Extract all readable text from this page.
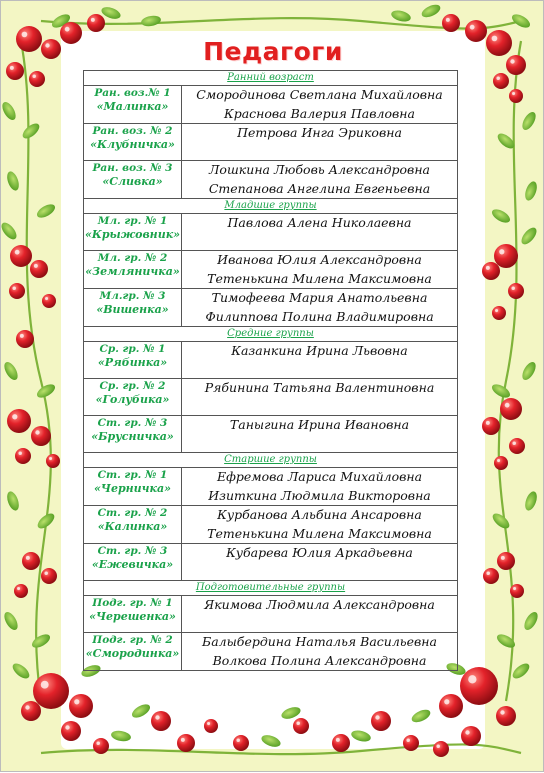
Педагоги
Ранний возраст	

Ран. воз.№ 1
«Малинка»	Смородинова Светлана Михайловна
Краснова Валерия Павловна

Ран. воз. № 2
«Клубничка»	Петрова Инга Эриковна

Ран. воз. № 3
«Сливка»	Лошкина Любовь Александровна
Степанова Ангелина Евгеньевна

Младшие группы	

Мл. гр. № 1
«Крыжовник»	Павлова Алена Николаевна

Мл. гр. № 2
«Земляничка»	Иванова Юлия Александровна
Тетенькина Милена Максимовна

Мл.гр. № 3
«Вишенка»	Тимофеева Мария Анатольевна
Филиппова Полина Владимировна

Средние группы	

Ср. гр. № 1
«Рябинка»	Казанкина Ирина Львовна

Ср. гр. № 2
«Голубика»	Рябинина Татьяна Валентиновна

Ст. гр. № 3
«Брусничка»	Таныгина Ирина Ивановна

Старшие группы	

Ст. гр. № 1
«Черничка»	Ефремова Лариса Михайловна
Изиткина Людмила Викторовна

Ст. гр. № 2
«Калинка»	Курбанова Альбина Ансаровна
Тетенькина Милена Максимовна

Ст. гр. № 3
«Ежевичка»	Кубарева Юлия Аркадьевна

Подготовительные группы	

Подг. гр. № 1
«Черешенка»	Якимова Людмила Александровна

Подг. гр. № 2
«Смородинка»	Балыбердина Наталья Васильевна
Волкова Полина Александровна
